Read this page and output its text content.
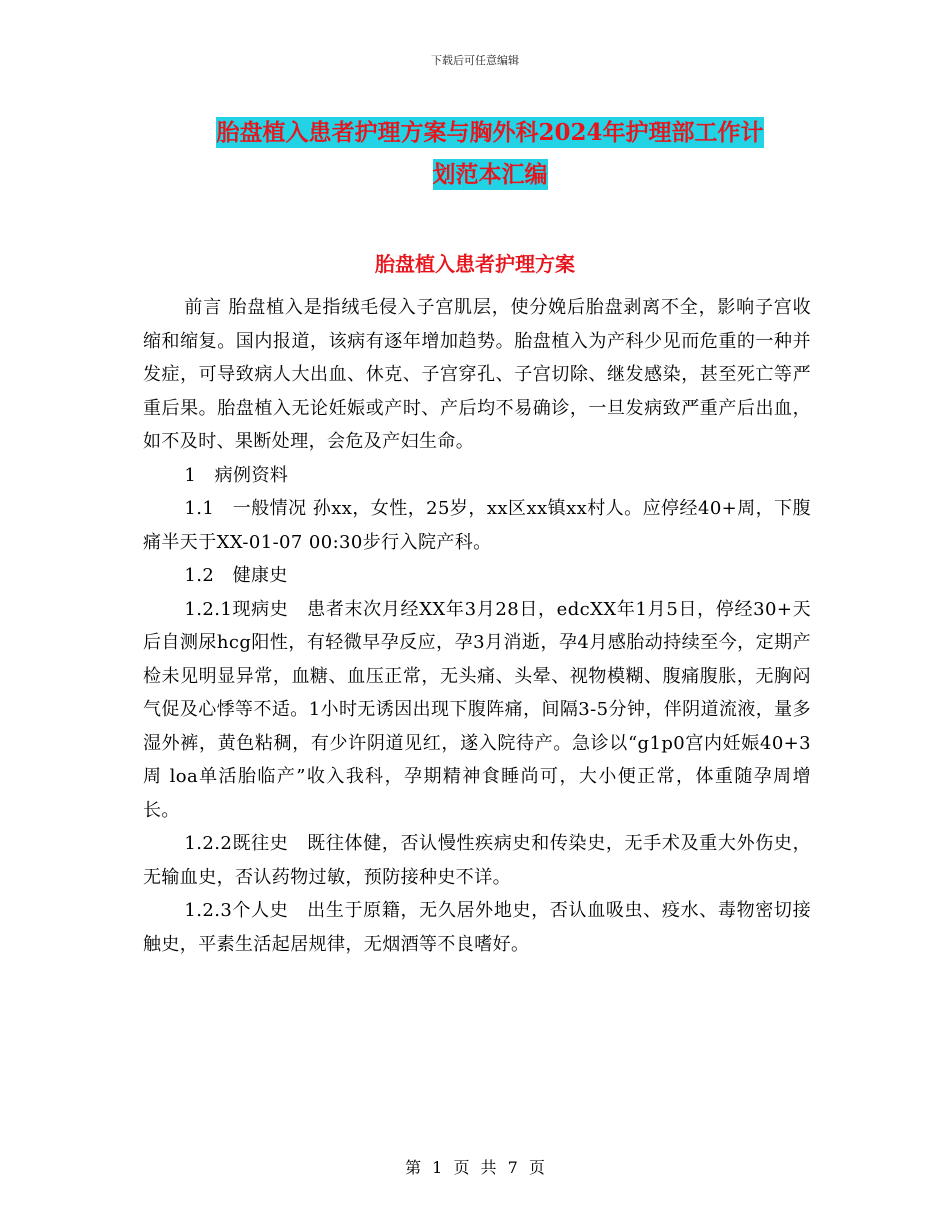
下载后可任意编辑
胎盘植入患者护理方案与胸外科2024年护理部工作计
划范本汇编
胎盘植入患者护理方案

前言 胎盘植入是指绒毛侵入子宫肌层，使分娩后胎盘剥离不全，影响子宫收缩和缩复。国内报道，该病有逐年增加趋势。胎盘植入为产科少见而危重的一种并发症，可导致病人大出血、休克、子宫穿孔、子宫切除、继发感染，甚至死亡等严重后果。胎盘植入无论妊娠或产时、产后均不易确诊，一旦发病致严重产后出血，如不及时、果断处理，会危及产妇生命。

1　病例资料

1.1　一般情况 孙xx，女性，25岁，xx区xx镇xx村人。应停经40+周，下腹痛半天于XX-01-07 00:30步行入院产科。

1.2　健康史

1.2.1现病史　患者末次月经XX年3月28日，edcXX年1月5日，停经30+天后自测尿hcg阳性，有轻微早孕反应，孕3月消逝，孕4月感胎动持续至今，定期产检未见明显异常，血糖、血压正常，无头痛、头晕、视物模糊、腹痛腹胀，无胸闷气促及心悸等不适。1小时无诱因出现下腹阵痛，间隔3-5分钟，伴阴道流液，量多湿外裤，黄色粘稠，有少许阴道见红，遂入院待产。急诊以“g1p0宫内妊娠40+3周 loa单活胎临产”收入我科，孕期精神食睡尚可，大小便正常，体重随孕周增长。

1.2.2既往史　既往体健，否认慢性疾病史和传染史，无手术及重大外伤史，无输血史，否认药物过敏，预防接种史不详。

1.2.3个人史　出生于原籍，无久居外地史，否认血吸虫、疫水、毒物密切接触史，平素生活起居规律，无烟酒等不良嗜好。

第 1 页 共 7 页
